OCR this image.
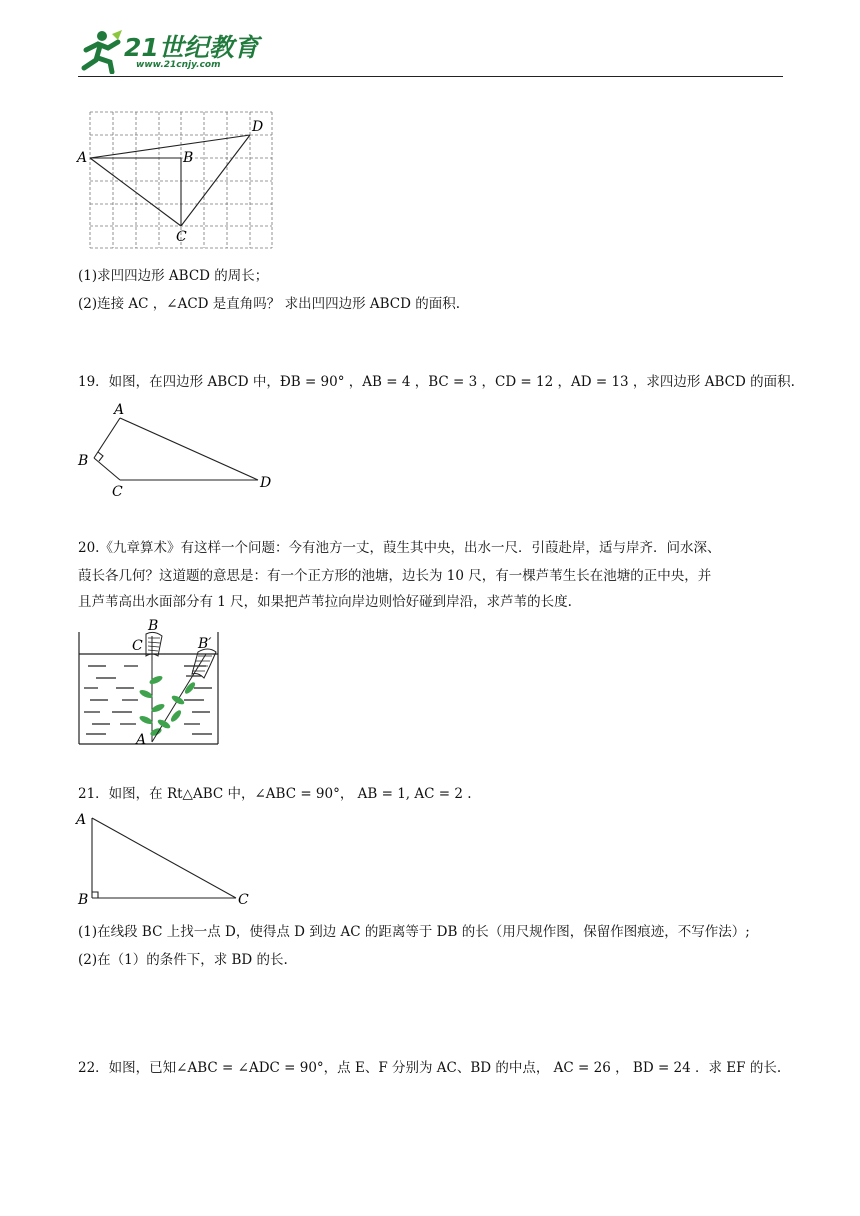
21世纪教育
www.21cnjy.com
A	B
C
D
(1)求凹四边形 ABCD 的周长；
(2)连接 AC ，∠ACD 是直角吗？ 求出凹四边形 ABCD 的面积.
19．如图，在四边形 ABCD 中，ÐB = 90° ，AB = 4 ，BC = 3 ，CD = 12 ，AD = 13 ，求四边形 ABCD 的面积.
A
B
C
D
20.《九章算术》有这样一个问题：今有池方一丈，葭生其中央，出水一尺．引葭赴岸，适与岸齐．问水深、
葭长各几何？这道题的意思是：有一个正方形的池塘，边长为 10 尺，有一棵芦苇生长在池塘的正中央，并
且芦苇高出水面部分有 1 尺，如果把芦苇拉向岸边则恰好碰到岸沿，求芦苇的长度.
B
C	B′
A
21．如图，在 Rt△ABC 中，∠ABC = 90°， AB = 1, AC = 2 .
A
B	C
(1)在线段 BC 上找一点 D，使得点 D 到边 AC 的距离等于 DB 的长（用尺规作图，保留作图痕迹，不写作法）;
(2)在（1）的条件下，求 BD 的长.
22．如图，已知∠ABC = ∠ADC = 90°，点 E、F 分别为 AC、BD 的中点， AC = 26 ， BD = 24 ．求 EF 的长.
